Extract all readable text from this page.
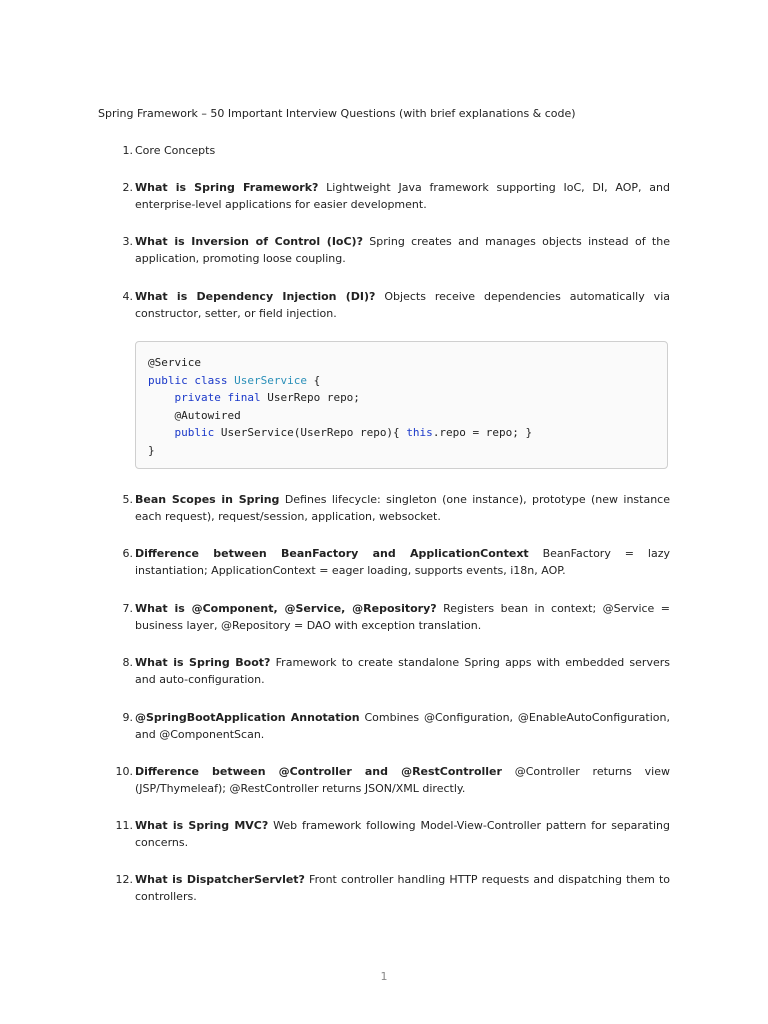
Spring Framework – 50 Important Interview Questions (with brief explanations & code)
1. Core Concepts
2. What is Spring Framework? Lightweight Java framework supporting IoC, DI, AOP, and enterprise-level applications for easier development.
3. What is Inversion of Control (IoC)? Spring creates and manages objects instead of the application, promoting loose coupling.
4. What is Dependency Injection (DI)? Objects receive dependencies automatically via constructor, setter, or field injection.
@Service
public class UserService {
private final UserRepo repo;
@Autowired
public UserService(UserRepo repo){ this.repo = repo; }
}
5. Bean Scopes in Spring Defines lifecycle: singleton (one instance), prototype (new instance each request), request/session, application, websocket.
6. Difference between BeanFactory and ApplicationContext BeanFactory = lazy instantiation; ApplicationContext = eager loading, supports events, i18n, AOP.
7. What is @Component, @Service, @Repository? Registers bean in context; @Service = business layer, @Repository = DAO with exception translation.
8. What is Spring Boot? Framework to create standalone Spring apps with embedded servers and auto-configuration.
9. @SpringBootApplication Annotation Combines @Configuration, @EnableAutoConfiguration, and @ComponentScan.
10. Difference between @Controller and @RestController @Controller returns view (JSP/Thymeleaf); @RestController returns JSON/XML directly.
11. What is Spring MVC? Web framework following Model-View-Controller pattern for separating concerns.
12. What is DispatcherServlet? Front controller handling HTTP requests and dispatching them to controllers.
1
